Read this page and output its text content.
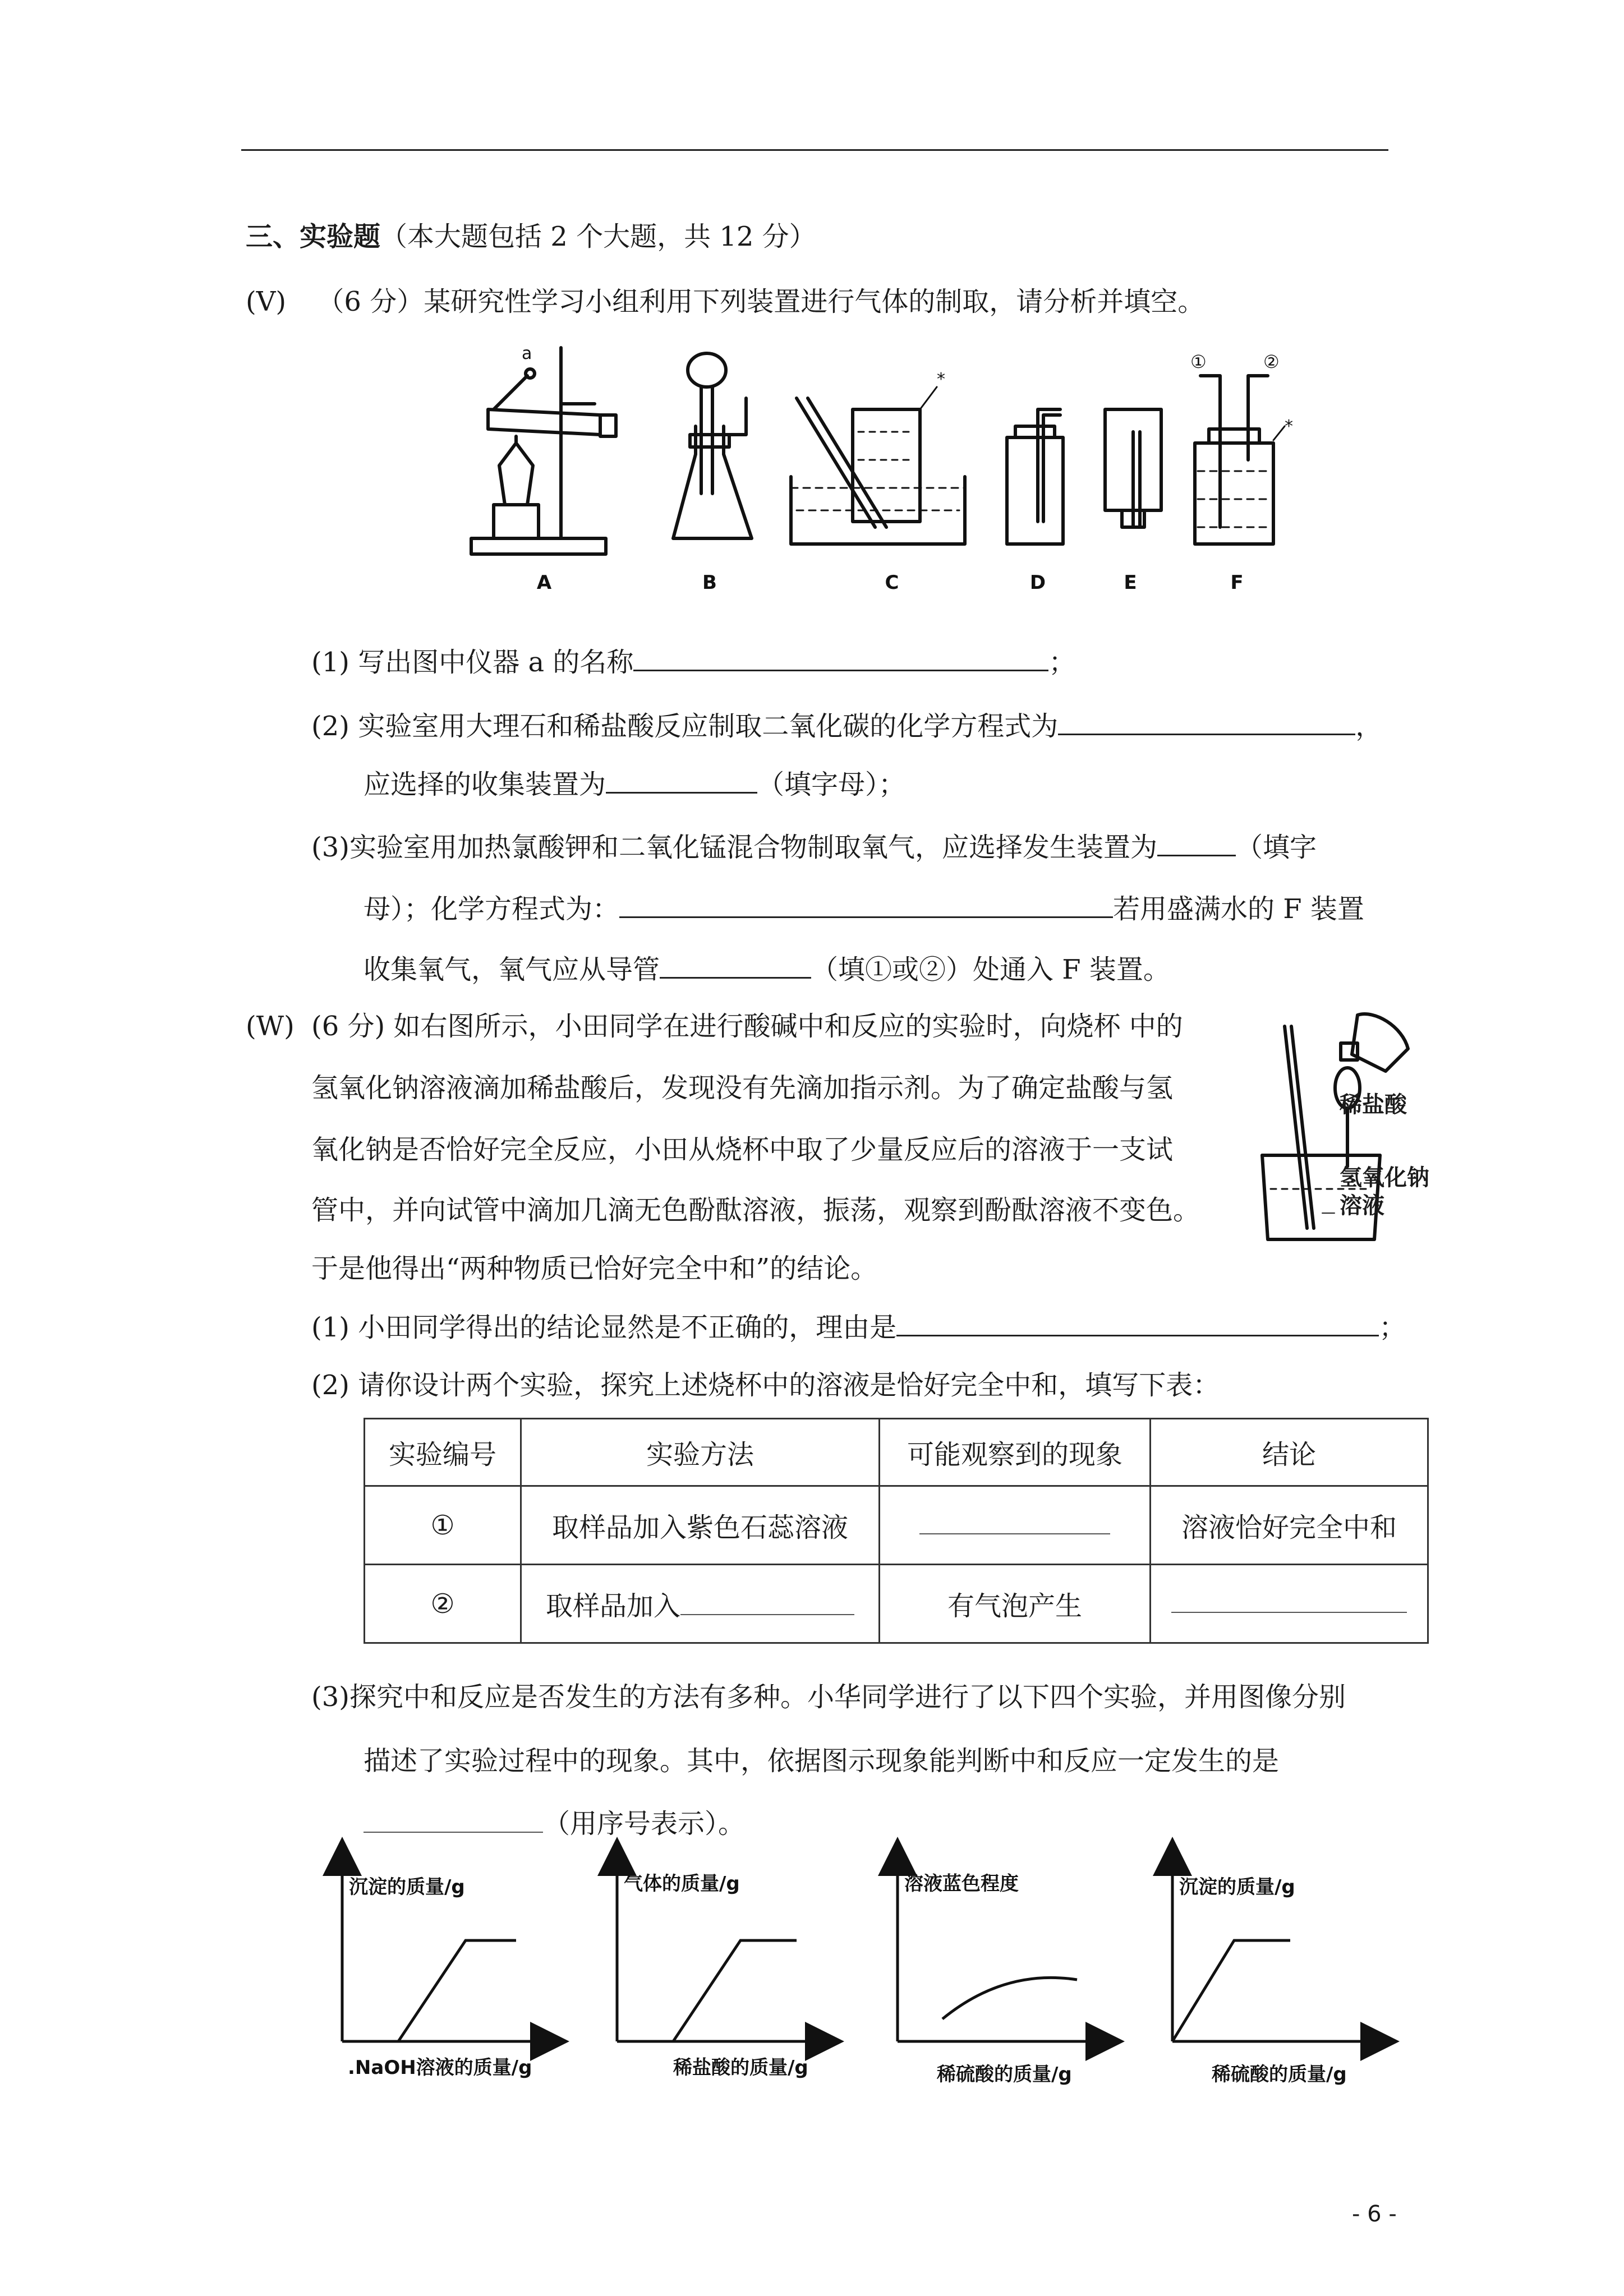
三、实验题（本大题包括 2 个大题，共 12 分）
(V) （6 分）某研究性学习小组利用下列装置进行气体的制取，请分析并填空。
a
*
*
①	②
A	B	C	D	E	F
(1) 写出图中仪器 a 的名称	；
(2) 实验室用大理石和稀盐酸反应制取二氧化碳的化学方程式为	，
应选择的收集装置为	（填字母）；
(3)实验室用加热氯酸钾和二氧化锰混合物制取氧气，应选择发生装置为	（填字
母）；化学方程式为：	若用盛满水的 F 装置
收集氧气，氧气应从导管	（填①或②）处通入 F 装置。
(W) (6 分) 如右图所示，小田同学在进行酸碱中和反应的实验时，向烧杯 中的
氢氧化钠溶液滴加稀盐酸后，发现没有先滴加指示剂。为了确定盐酸与氢
氧化钠是否恰好完全反应，小田从烧杯中取了少量反应后的溶液于一支试
管中，并向试管中滴加几滴无色酚酞溶液，振荡，观察到酚酞溶液不变色。
于是他得出“两种物质已恰好完全中和”的结论。
—
稀盐酸
氢氧化钠
溶液
(1) 小田同学得出的结论显然是不正确的，理由是	；
(2) 请你设计两个实验，探究上述烧杯中的溶液是恰好完全中和，填写下表：
实验编号	实验方法	可能观察到的现象	结论
①	取样品加入紫色石蕊溶液		溶液恰好完全中和
②	取样品加入	有气泡产生	
(3)探究中和反应是否发生的方法有多种。小华同学进行了以下四个实验，并用图像分别
描述了实验过程中的现象。其中，依据图示现象能判断中和反应一定发生的是
（用序号表示）。
沉淀的质量/g
.NaOH溶液的质量/g
气体的质量/g
稀盐酸的质量/g
溶液蓝色程度
稀硫酸的质量/g
沉淀的质量/g
稀硫酸的质量/g
- 6 -
